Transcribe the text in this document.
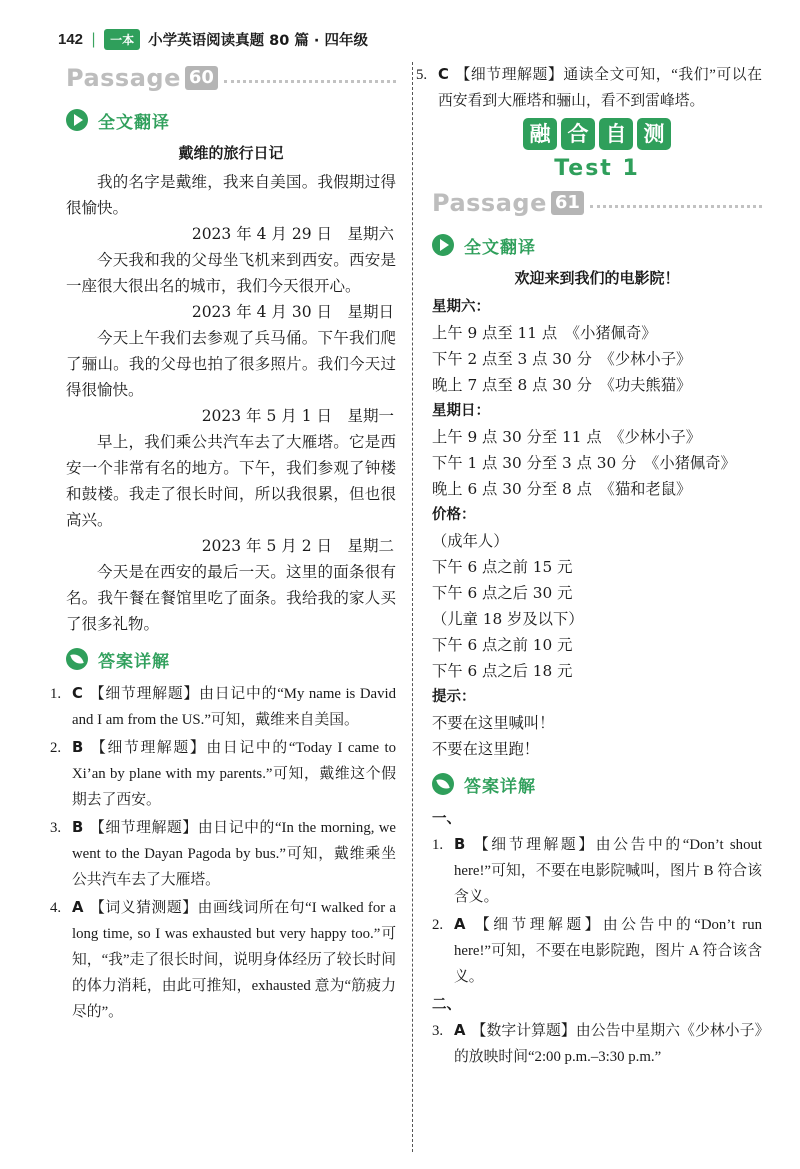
142 |	一本 小学英语阅读真题 80 篇 · 四年级
Passage 60
全文翻译
戴维的旅行日记

我的名字是戴维，我来自美国。我假期过得很愉快。

2023 年 4 月 29 日　星期六

今天我和我的父母坐飞机来到西安。西安是一座很大很出名的城市，我们今天很开心。

2023 年 4 月 30 日　星期日

今天上午我们去参观了兵马俑。下午我们爬了骊山。我的父母也拍了很多照片。我们今天过得很愉快。

2023 年 5 月 1 日　星期一

早上，我们乘公共汽车去了大雁塔。它是西安一个非常有名的地方。下午，我们参观了钟楼和鼓楼。我走了很长时间，所以我很累，但也很高兴。

2023 年 5 月 2 日　星期二

今天是在西安的最后一天。这里的面条很有名。我午餐在餐馆里吃了面条。我给我的家人买了很多礼物。

答案详解
1. C 【细节理解题】由日记中的“My name is David and I am from the US.”可知，戴维来自美国。
2. B 【细节理解题】由日记中的“Today I came to Xi’an by plane with my parents.”可知，戴维这个假期去了西安。
3. B 【细节理解题】由日记中的“In the morning, we went to the Dayan Pagoda by bus.”可知，戴维乘坐公共汽车去了大雁塔。
4. A 【词义猜测题】由画线词所在句“I walked for a long time, so I was exhausted but very happy too.”可知，“我”走了很长时间，说明身体经历了较长时间的体力消耗，由此可推知，exhausted 意为“筋疲力尽的”。
5. C 【细节理解题】通读全文可知，“我们”可以在西安看到大雁塔和骊山，看不到雷峰塔。
融 合 自 测
Test 1
Passage 61
全文翻译
欢迎来到我们的电影院！

星期六：

上午 9 点至 11 点　《小猪佩奇》

下午 2 点至 3 点 30 分　《少林小子》

晚上 7 点至 8 点 30 分　《功夫熊猫》

星期日：

上午 9 点 30 分至 11 点　《少林小子》

下午 1 点 30 分至 3 点 30 分　《小猪佩奇》

晚上 6 点 30 分至 8 点　《猫和老鼠》

价格：

（成年人）

下午 6 点之前 15 元

下午 6 点之后 30 元

（儿童 18 岁及以下）

下午 6 点之前 10 元

下午 6 点之后 18 元

提示：

不要在这里喊叫！

不要在这里跑！

答案详解

一、

1. B 【细节理解题】由公告中的“Don’t shout here!”可知，不要在电影院喊叫，图片 B 符合该含义。
2. A 【细节理解题】由公告中的“Don’t run here!”可知，不要在电影院跑，图片 A 符合该含义。

二、

3. A 【数字计算题】由公告中星期六《少林小子》的放映时间“2:00 p.m.–3:30 p.m.”
